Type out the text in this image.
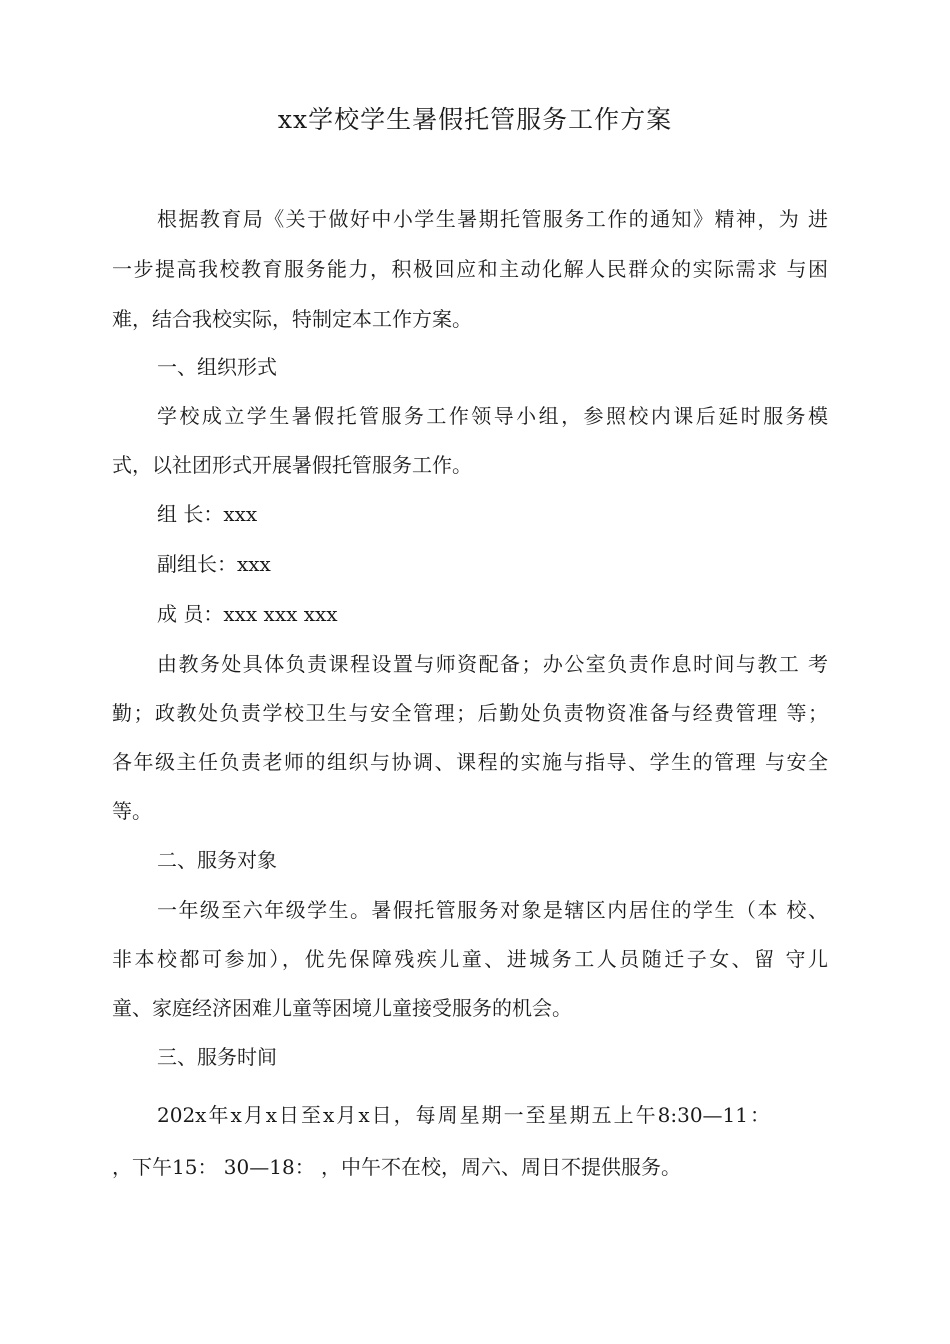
xx学校学生暑假托管服务工作方案
根据教育局《关于做好中小学生暑期托管服务工作的通知》精神，为 进
一步提高我校教育服务能力，积极回应和主动化解人民群众的实际需求 与困
难，结合我校实际，特制定本工作方案。
一、组织形式
学校成立学生暑假托管服务工作领导小组，参照校内课后延时服务模
式，以社团形式开展暑假托管服务工作。
组 长：xxx
副组长：xxx
成 员：xxx xxx xxx
由教务处具体负责课程设置与师资配备；办公室负责作息时间与教工 考
勤；政教处负责学校卫生与安全管理；后勤处负责物资准备与经费管理 等；
各年级主任负责老师的组织与协调、课程的实施与指导、学生的管理 与安全
等。
二、服务对象
一年级至六年级学生。暑假托管服务对象是辖区内居住的学生（本 校、
非本校都可参加），优先保障残疾儿童、进城务工人员随迁子女、留 守儿
童、家庭经济困难儿童等困境儿童接受服务的机会。
三、服务时间
202x年x月x日至x月x日，每周星期一至星期五上午8:30—11：
，下午15： 30—18： ，中午不在校，周六、周日不提供服务。
